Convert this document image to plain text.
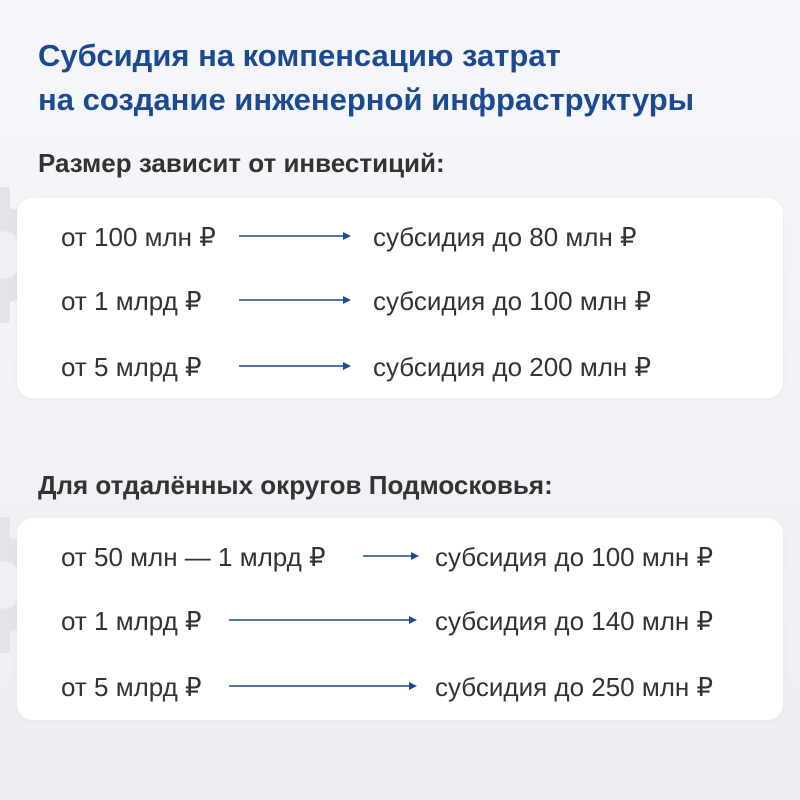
Субсидия на компенсацию затрат
на создание инженерной инфраструктуры
Размер зависит от инвестиций:
от 100 млн ₽	субсидия до 80 млн ₽
от 1 млрд ₽	субсидия до 100 млн ₽
от 5 млрд ₽	субсидия до 200 млн ₽
Для отдалённых округов Подмосковья:
от 50 млн — 1 млрд ₽	субсидия до 100 млн ₽
от 1 млрд ₽	субсидия до 140 млн ₽
от 5 млрд ₽	субсидия до 250 млн ₽
